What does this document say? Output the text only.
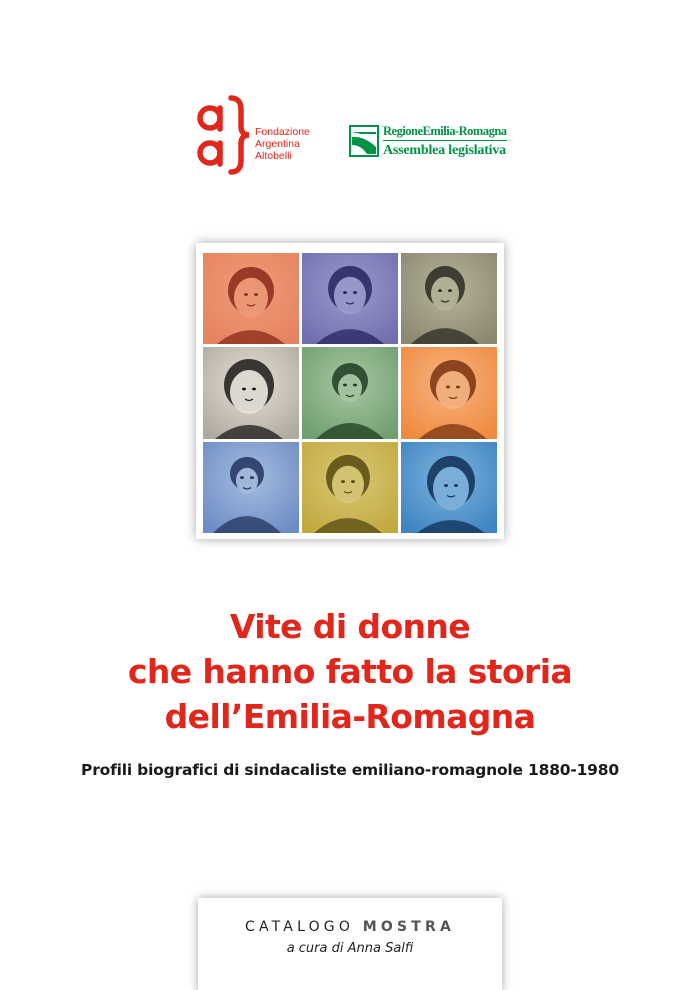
Fondazione
Argentina
Altobelli
RegioneEmilia-Romagna
Assemblea legislativa
Vite di donne
che hanno fatto la storia
dell’Emilia-Romagna
Profili biografici di sindacaliste emiliano-romagnole 1880-1980
CATALOGO MOSTRA
a cura di Anna Salfi
